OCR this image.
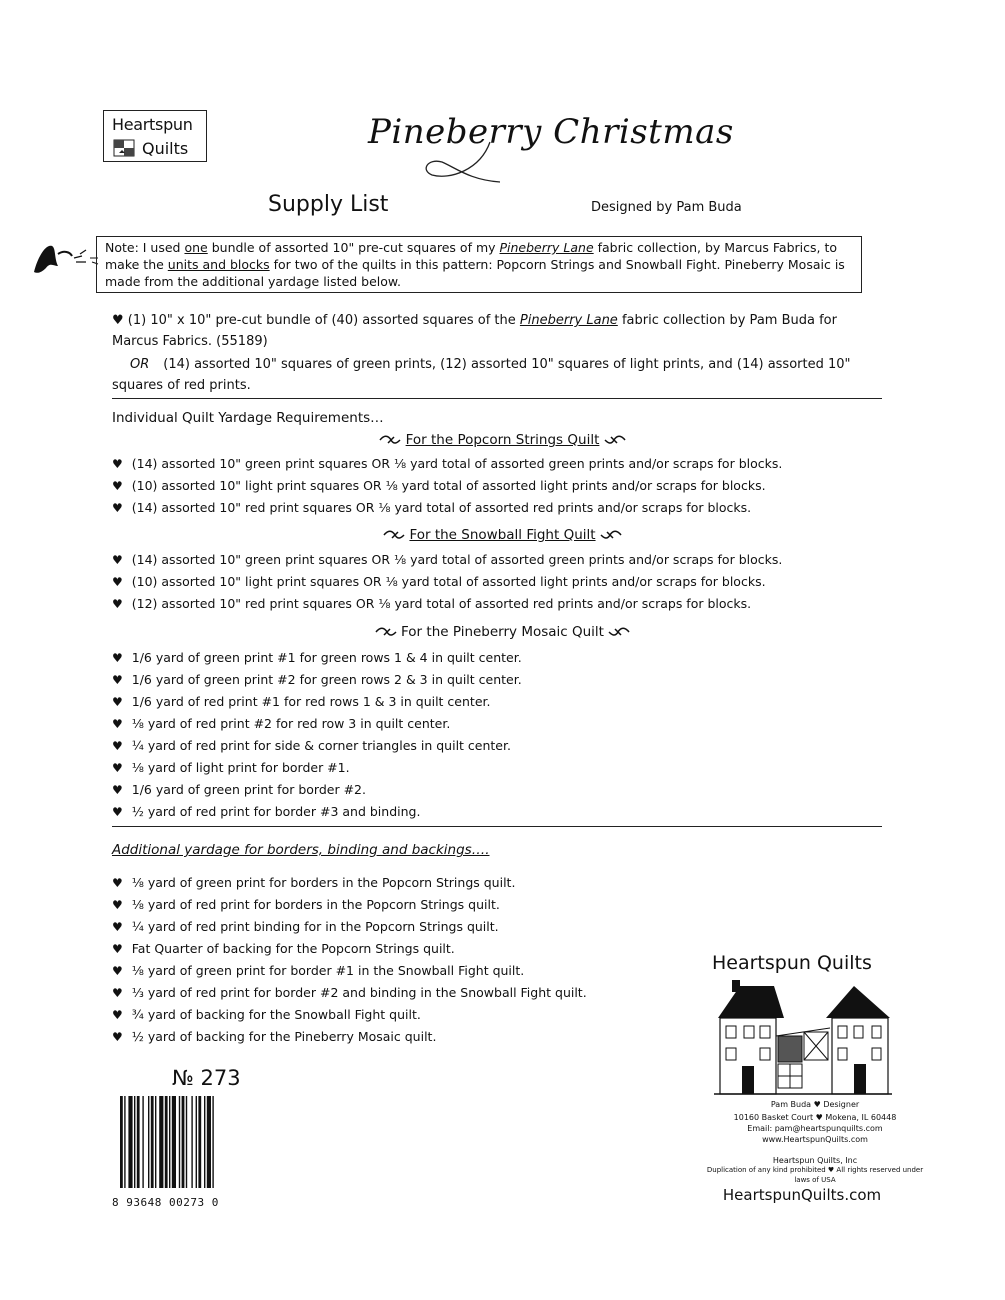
Heartspun
Quilts	Pineberry Christmas
Supply List	Designed by Pam Buda
Note: I used one bundle of assorted 10" pre-cut squares of my Pineberry Lane fabric collection, by Marcus Fabrics, to make the units and blocks for two of the quilts in this pattern: Popcorn Strings and Snowball Fight. Pineberry Mosaic is made from the additional yardage listed below.
♥ (1) 10" x 10" pre-cut bundle of (40) assorted squares of the Pineberry Lane fabric collection by Pam Buda for Marcus Fabrics. (55189)
OR (14) assorted 10" squares of green prints, (12) assorted 10" squares of light prints, and (14) assorted 10" squares of red prints.
Individual Quilt Yardage Requirements…
For the Popcorn Strings Quilt
♥ (14) assorted 10" green print squares OR ⅛ yard total of assorted green prints and/or scraps for blocks.
♥ (10) assorted 10" light print squares OR ⅛ yard total of assorted light prints and/or scraps for blocks.
♥ (14) assorted 10" red print squares OR ⅛ yard total of assorted red prints and/or scraps for blocks.
For the Snowball Fight Quilt
♥ (14) assorted 10" green print squares OR ⅛ yard total of assorted green prints and/or scraps for blocks.
♥ (10) assorted 10" light print squares OR ⅛ yard total of assorted light prints and/or scraps for blocks.
♥ (12) assorted 10" red print squares OR ⅛ yard total of assorted red prints and/or scraps for blocks.
For the Pineberry Mosaic Quilt
♥ 1/6 yard of green print #1 for green rows 1 & 4 in quilt center.
♥ 1/6 yard of green print #2 for green rows 2 & 3 in quilt center.
♥ 1/6 yard of red print #1 for red rows 1 & 3 in quilt center.
♥ ⅛ yard of red print #2 for red row 3 in quilt center.
♥ ¼ yard of red print for side & corner triangles in quilt center.
♥ ⅛ yard of light print for border #1.
♥ 1/6 yard of green print for border #2.
♥ ½ yard of red print for border #3 and binding.
Additional yardage for borders, binding and backings….
♥ ⅛ yard of green print for borders in the Popcorn Strings quilt.
♥ ⅛ yard of red print for borders in the Popcorn Strings quilt.
♥ ¼ yard of red print binding for in the Popcorn Strings quilt.
♥ Fat Quarter of backing for the Popcorn Strings quilt.
♥ ⅛ yard of green print for border #1 in the Snowball Fight quilt.
♥ ⅓ yard of red print for border #2 and binding in the Snowball Fight quilt.
♥ ¾ yard of backing for the Snowball Fight quilt.
♥ ½ yard of backing for the Pineberry Mosaic quilt.
№ 273
8 93648 00273 0
Heartspun Quilts
Pam Buda ♥ Designer
10160 Basket Court ♥ Mokena, IL 60448
Email: pam@heartspunquilts.com
www.HeartspunQuilts.com
Heartspun Quilts, Inc
Duplication of any kind prohibited ♥ All rights reserved under laws of USA
HeartspunQuilts.com
